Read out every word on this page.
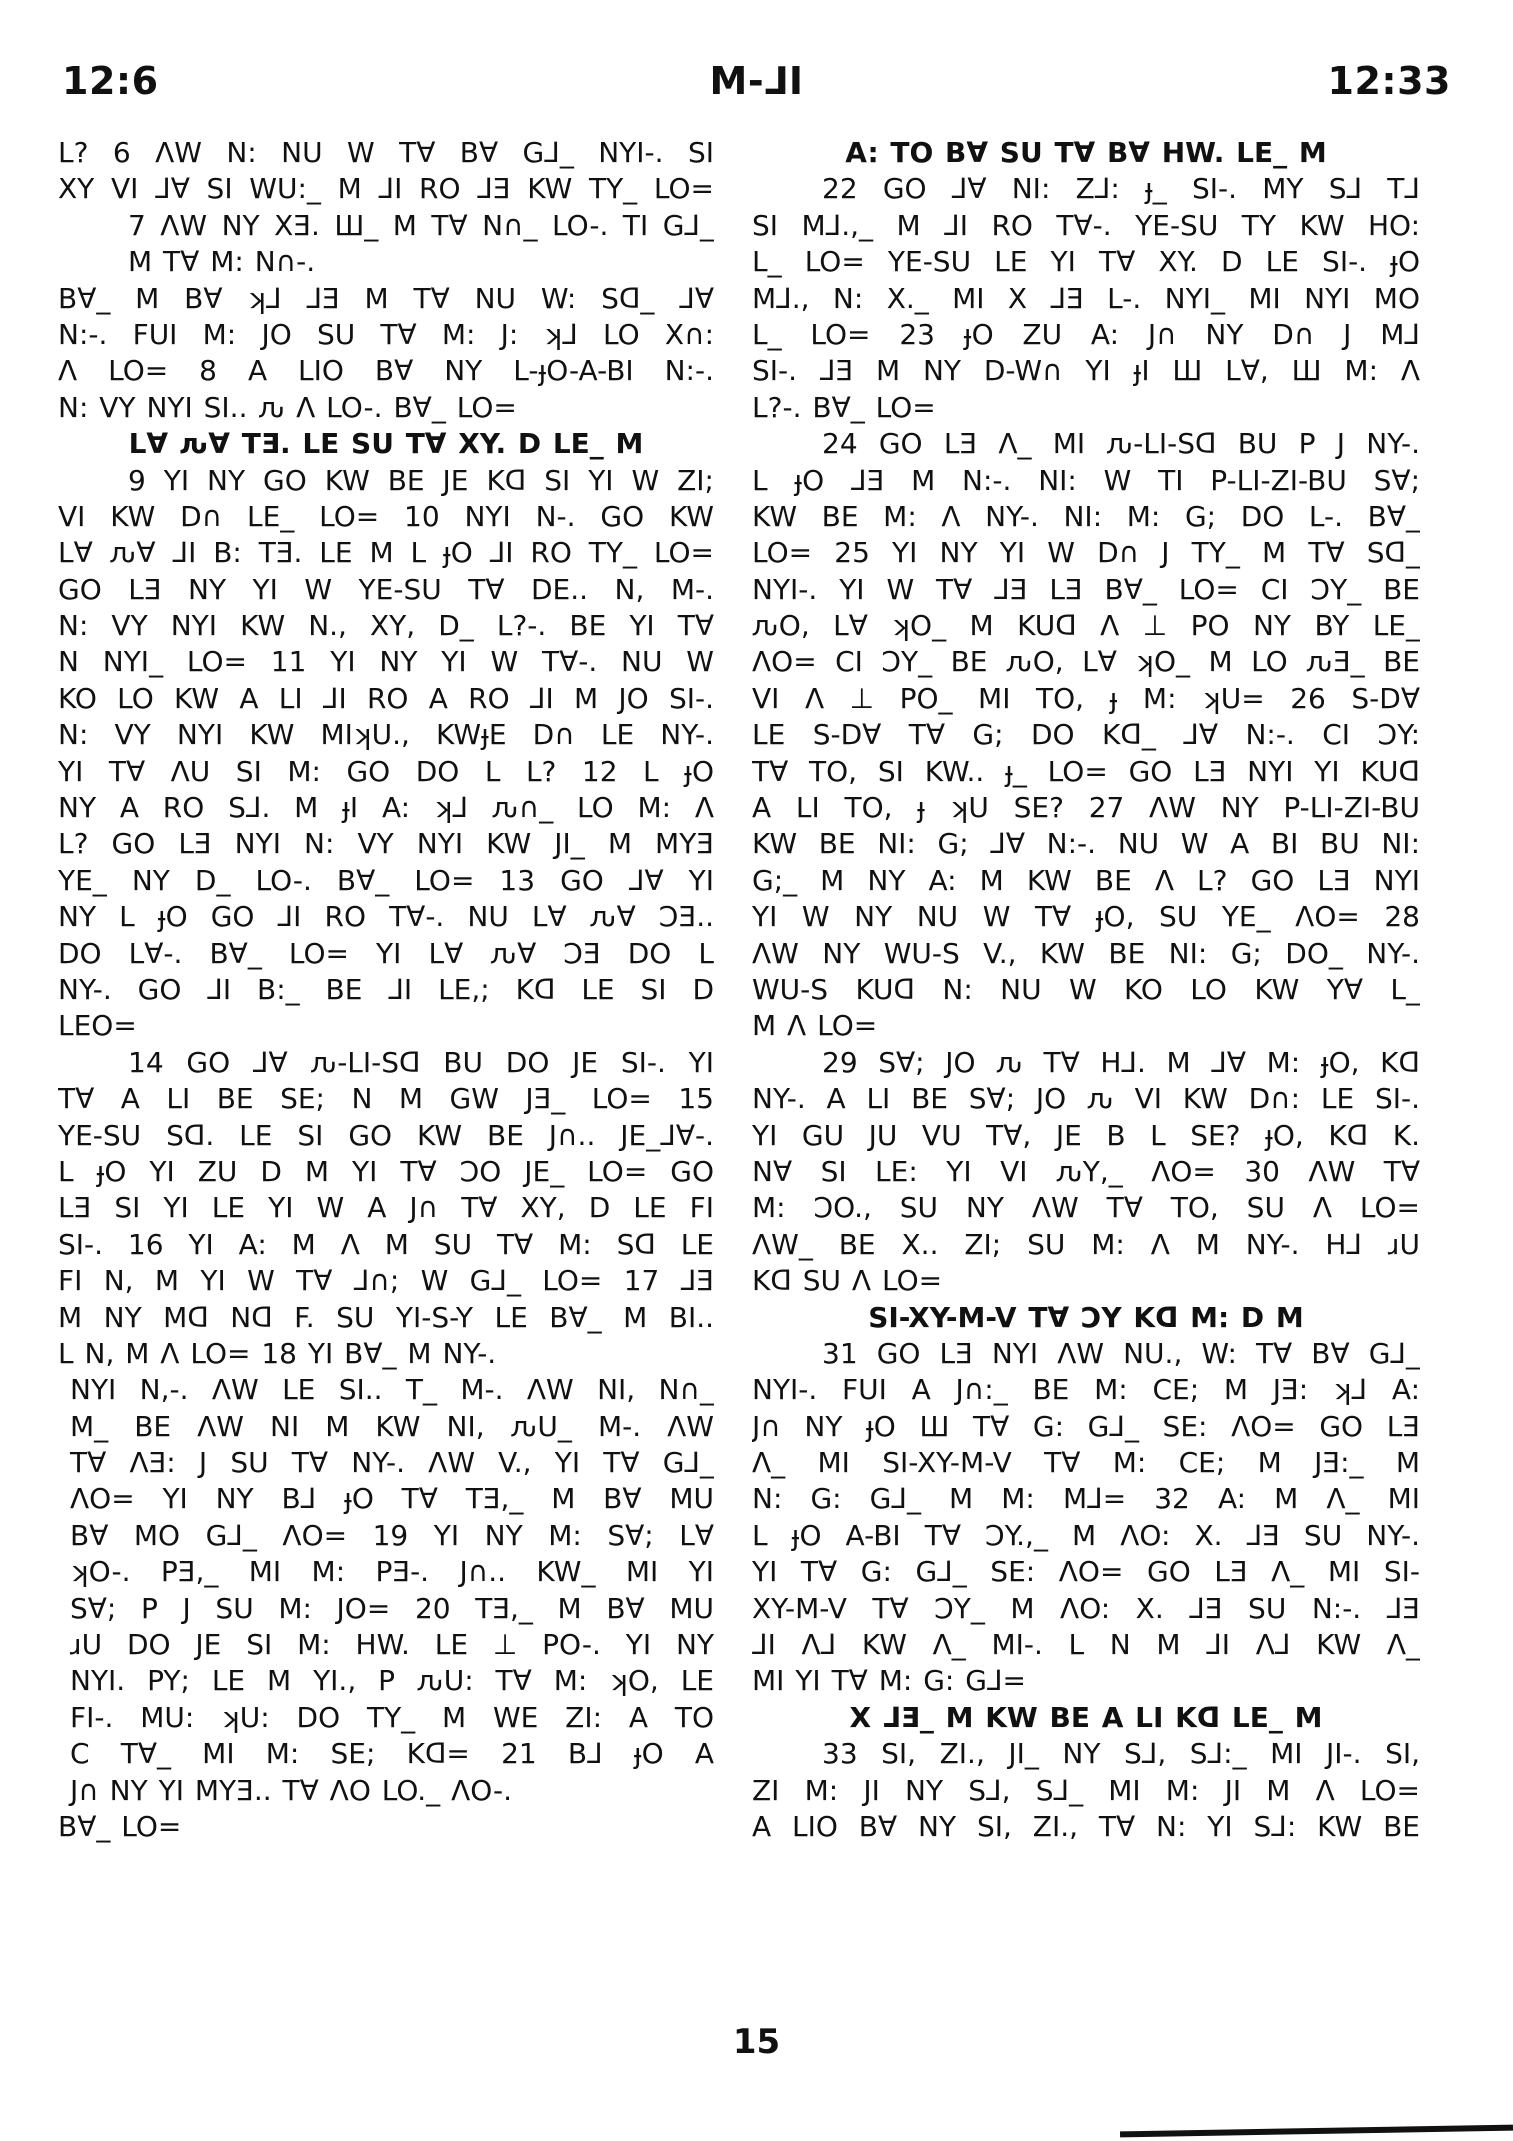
12:6	M-⅃I	12:33
L? 6 ΛW N: NU W T∀ B∀ G⅃_ NYI-. SI
XY VI ⅃∀ SI WU:_ M ⅃I RO ⅃Ǝ KW TY_ LO=
7 ΛW NY XƎ. Ш_ M T∀ N∩_ LO-. TI G⅃_
M T∀ M: N∩-.
B∀_ M B∀ ʞ⅃ ⅃Ǝ M T∀ NU W: Sᗡ_ ⅃∀
N:-. FUI M: JO SU T∀ M: J: ʞ⅃ LO X∩:
Λ LO= 8 A LIO B∀ NY L-ɟO-A-BI N:-.
N: VY NYI SI.. ԉ Λ LO-. B∀_ LO=
L∀ ԉ∀ TƎ. LE SU T∀ XY. D LE_ M
9 YI NY GO KW BE JE Kᗡ SI YI W ZI;
VI KW D∩ LE_ LO= 10 NYI N-. GO KW
L∀ ԉ∀ ⅃I B: TƎ. LE M L ɟO ⅃I RO TY_ LO=
GO LƎ NY YI W YE-SU T∀ DE.. N, M-.
N: VY NYI KW N., XY, D_ L?-. BE YI T∀
N NYI_ LO= 11 YI NY YI W T∀-. NU W
KO LO KW A LI ⅃I RO A RO ⅃I M JO SI-.
N: VY NYI KW MIʞU., KWɟE D∩ LE NY-.
YI T∀ ɅU SI M: GO DO L L? 12 L ɟO
NY A RO S⅃. M ɟI A: ʞ⅃ ԉ∩_ LO M: Λ
L? GO LƎ NYI N: VY NYI KW JI_ M MYƎ
YE_ NY D_ LO-. B∀_ LO= 13 GO ⅃∀ YI
NY L ɟO GO ⅃I RO T∀-. NU L∀ ԉ∀ ƆƎ..
DO L∀-. B∀_ LO= YI L∀ ԉ∀ ƆƎ DO L
NY-. GO ⅃I B:_ BE ⅃I LE,; Kᗡ LE SI D
LEO=
14 GO ⅃∀ ԉ-LI-Sᗡ BU DO JE SI-. YI
T∀ A LI BE SE; N M GW JƎ_ LO= 15
YE-SU Sᗡ. LE SI GO KW BE J∩.. JE_⅃∀-.
L ɟO YI ZU D M YI T∀ ƆO JE_ LO= GO
LƎ SI YI LE YI W A J∩ T∀ XY, D LE FI
SI-. 16 YI A: M Λ M SU T∀ M: Sᗡ LE
FI N, M YI W T∀ ⅃∩; W G⅃_ LO= 17 ⅃Ǝ
M NY Mᗡ Nᗡ F. SU YI-S-Y LE B∀_ M BI..
L N, M Λ LO= 18 YI B∀_ M NY-.
NYI N,-. ΛW LE SI.. T_ M-. ΛW NI, N∩_
M_ BE ΛW NI M KW NI, ԉU_ M-. ΛW
T∀ ɅƎ: J SU T∀ NY-. ΛW V., YI T∀ G⅃_
ΛO= YI NY B⅃ ɟO T∀ TƎ,_ M B∀ MU
B∀ MO G⅃_ ΛO= 19 YI NY M: S∀; L∀
ʞO-. PƎ,_ MI M: PƎ-. J∩.. KW_ MI YI
S∀; P J SU M: JO= 20 TƎ,_ M B∀ MU
ɹU DO JE SI M: HW. LE ⊥ PO-. YI NY
NYI. PY; LE M YI., P ԉU: T∀ M: ʞO, LE
FI-. MU: ʞU: DO TY_ M WE ZI: A TO
C T∀_ MI M: SE; Kᗡ= 21 B⅃ ɟO A
J∩ NY YI MYƎ.. T∀ ΛO LO._ ΛO-.
B∀_ LO=
A: TO B∀ SU T∀ B∀ HW. LE_ M
22 GO ⅃∀ NI: Z⅃: ɟ_ SI-. MY S⅃ T⅃
SI M⅃.,_ M ⅃I RO T∀-. YE-SU TY KW HO:
L_ LO= YE-SU LE YI T∀ XY. D LE SI-. ɟO
M⅃., N: X._ MI X ⅃Ǝ L-. NYI_ MI NYI MO
L_ LO= 23 ɟO ZU A: J∩ NY D∩ J M⅃
SI-. ⅃Ǝ M NY D-W∩ YI ɟI Ш L∀, Ш M: Λ
L?-. B∀_ LO=
24 GO LƎ Λ_ MI ԉ-LI-Sᗡ BU P J NY-.
L ɟO ⅃Ǝ M N:-. NI: W TI P-LI-ZI-BU S∀;
KW BE M: Λ NY-. NI: M: G; DO L-. B∀_
LO= 25 YI NY YI W D∩ J TY_ M T∀ Sᗡ_
NYI-. YI W T∀ ⅃Ǝ LƎ B∀_ LO= CI ƆY_ BE
ԉO, L∀ ʞO_ M KUᗡ Λ ⊥ PO NY BY LE_
ΛO= CI ƆY_ BE ԉO, L∀ ʞO_ M LO ԉƎ_ BE
VI Λ ⊥ PO_ MI TO, ɟ M: ʞU= 26 S-D∀
LE S-D∀ T∀ G; DO Kᗡ_ ⅃∀ N:-. CI ƆY:
T∀ TO, SI KW.. ɟ_ LO= GO LƎ NYI YI KUᗡ
A LI TO, ɟ ʞU SE? 27 ΛW NY P-LI-ZI-BU
KW BE NI: G; ⅃∀ N:-. NU W A BI BU NI:
G;_ M NY A: M KW BE Λ L? GO LƎ NYI
YI W NY NU W T∀ ɟO, SU YE_ ΛO= 28
ΛW NY WU-S V., KW BE NI: G; DO_ NY-.
WU-S KUᗡ N: NU W KO LO KW Y∀ L_
M Λ LO=
29 S∀; JO ԉ T∀ H⅃. M ⅃∀ M: ɟO, Kᗡ
NY-. A LI BE S∀; JO ԉ VI KW D∩: LE SI-.
YI GU JU VU T∀, JE B L SE? ɟO, Kᗡ K.
N∀ SI LE: YI VI ԉY,_ ΛO= 30 ΛW T∀
M: ƆO., SU NY ΛW T∀ TO, SU Λ LO=
ΛW_ BE X.. ZI; SU M: Λ M NY-. H⅃ ɹU
Kᗡ SU Λ LO=
SI-XY-M-V T∀ ƆY Kᗡ M: D M
31 GO LƎ NYI ΛW NU., W: T∀ B∀ G⅃_
NYI-. FUI A J∩:_ BE M: CE; M JƎ: ʞ⅃ A:
J∩ NY ɟO Ш T∀ G: G⅃_ SE: ΛO= GO LƎ
Λ_ MI SI-XY-M-V T∀ M: CE; M JƎ:_ M
N: G: G⅃_ M M: M⅃= 32 A: M Λ_ MI
L ɟO A-BI T∀ ƆY.,_ M ΛO: X. ⅃Ǝ SU NY-.
YI T∀ G: G⅃_ SE: ΛO= GO LƎ Λ_ MI SI-
XY-M-V T∀ ƆY_ M ΛO: X. ⅃Ǝ SU N:-. ⅃Ǝ
⅃I Ʌ⅃ KW Λ_ MI-. L N M ⅃I Ʌ⅃ KW Λ_
MI YI T∀ M: G: G⅃=
X ⅃Ǝ_ M KW BE A LI Kᗡ LE_ M
33 SI, ZI., JI_ NY S⅃, S⅃:_ MI JI-. SI,
ZI M: JI NY S⅃, S⅃_ MI M: JI M Λ LO=
A LIO B∀ NY SI, ZI., T∀ N: YI S⅃: KW BE
15
